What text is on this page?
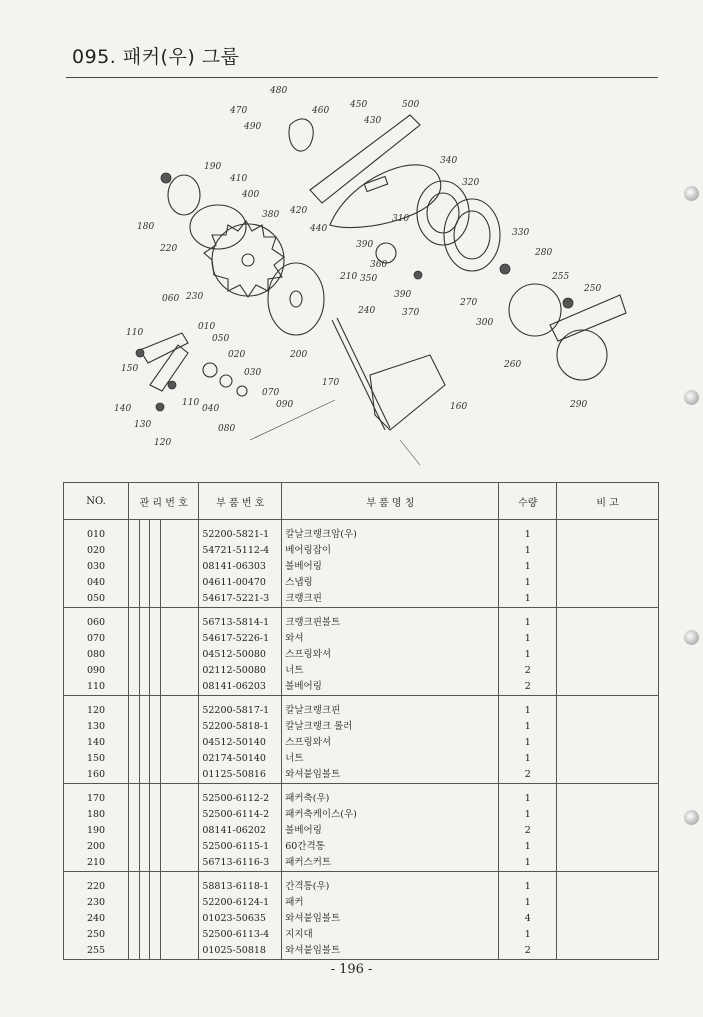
095. 패커(우) 그룹
480
470	460
450	500
490
430
190
410
400
340
320
380 420
180	440	330
310
220	390
280
360
350
210	255
250
060 230	390
270
010
370
240
300
110
050
020	200
030
260
150
170
070
140
110
040	090	290
160
130	080
120
NO.	관 리 번 호				부 품 번 호	부 품 명 칭	수량	비 고

010					52200-5821-1	칼날크랭크암(우)	1	
020					54721-5112-4	베어링잡이	1	
030					08141-06303	볼베어링	1	
040					04611-00470	스냅링	1	
050					54617-5221-3	크랭크핀	1	

060					56713-5814-1	크랭크핀볼트	1	
070					54617-5226-1	와셔	1	
080					04512-50080	스프링와셔	1	
090					02112-50080	너트	2	
110					08141-06203	볼베어링	2	

120					52200-5817-1	칼날크랭크핀	1	
130					52200-5818-1	칼날크랭크 롤러	1	
140					04512-50140	스프링와셔	1	
150					02174-50140	너트	1	
160					01125-50816	와셔붙임볼트	2	

170					52500-6112-2	패커축(우)	1	
180					52500-6114-2	패커축케이스(우)	1	
190					08141-06202	볼베어링	2	
200					52500-6115-1	60간격통	1	
210					56713-6116-3	패커스커트	1	

220					58813-6118-1	간격통(우)	1	
230					52200-6124-1	패커	1	
240					01023-50635	와셔붙임볼트	4	
250					52500-6113-4	지지대	1	
255					01025-50818	와셔붙임볼트	2	
- 196 -
